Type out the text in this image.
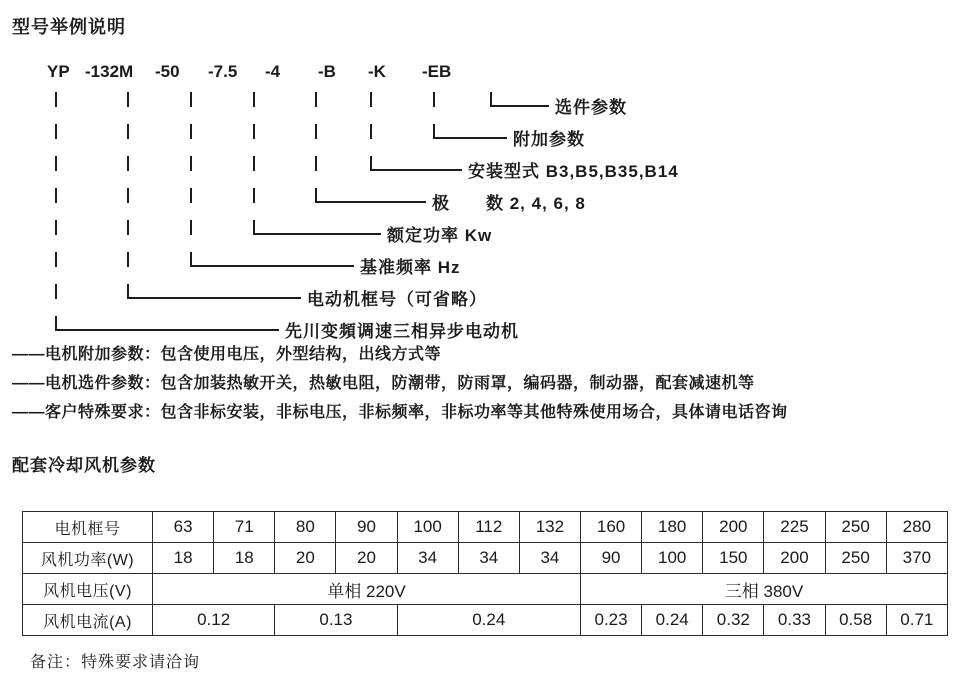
型号举例说明
YP -132M -50 -7.5 -4 -B -K -EB
选件参数
附加参数
安装型式 B3,B5,B35,B14
极　　数 2, 4, 6, 8
额定功率 Kw
基准频率 Hz
电动机框号（可省略）
先川变頻调速三相异步电动机
——电机附加参数：包含使用电压，外型结构，出线方式等
——电机选件参数：包含加装热敏开关，热敏电阻，防潮带，防雨罩，编码器，制动器，配套减速机等
——客户特殊要求：包含非标安装，非标电压，非标频率，非标功率等其他特殊使用场合，具体请电话咨询
配套冷却风机参数
电机框号	63	71	80	90	100	112	132	160	180	200	225	250	280
风机功率(W)	18	18	20	20	34	34	34	90	100	150	200	250	370
风机电压(V)	单相 220V							三相 380V					
风机电流(A)	0.12		0.13		0.24			0.23	0.24	0.32	0.33	0.58	0.71
备注：特殊要求请洽询
